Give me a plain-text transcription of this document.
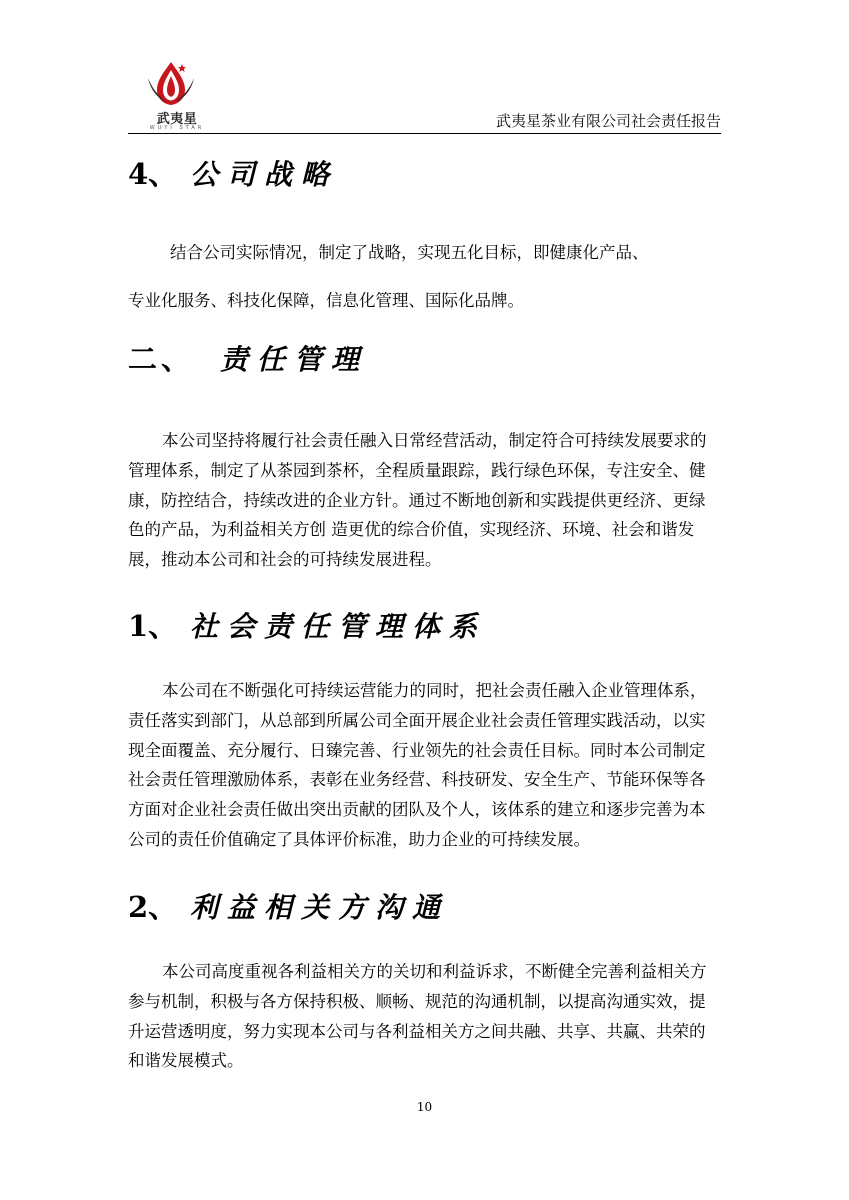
武夷星
WUYI STAR	武夷星茶业有限公司社会责任报告
4、 公司战略
结合公司实际情况，制定了战略，实现五化目标，即健康化产品、
专业化服务、科技化保障，信息化管理、国际化品牌。
二、 责任管理
本公司坚持将履行社会责任融入日常经营活动，制定符合可持续发展要求的
管理体系，制定了从茶园到茶杯，全程质量跟踪，践行绿色环保，专注安全、健
康，防控结合，持续改进的企业方针。通过不断地创新和实践提供更经济、更绿
色的产品，为利益相关方创 造更优的综合价值，实现经济、环境、社会和谐发
展，推动本公司和社会的可持续发展进程。
1、 社会责任管理体系
本公司在不断强化可持续运营能力的同时，把社会责任融入企业管理体系，
责任落实到部门，从总部到所属公司全面开展企业社会责任管理实践活动，以实
现全面覆盖、充分履行、日臻完善、行业领先的社会责任目标。同时本公司制定
社会责任管理激励体系，表彰在业务经营、科技研发、安全生产、节能环保等各
方面对企业社会责任做出突出贡献的团队及个人，该体系的建立和逐步完善为本
公司的责任价值确定了具体评价标准，助力企业的可持续发展。
2、 利益相关方沟通
本公司高度重视各利益相关方的关切和利益诉求，不断健全完善利益相关方
参与机制，积极与各方保持积极、顺畅、规范的沟通机制，以提高沟通实效，提
升运营透明度，努力实现本公司与各利益相关方之间共融、共享、共赢、共荣的
和谐发展模式。
10
